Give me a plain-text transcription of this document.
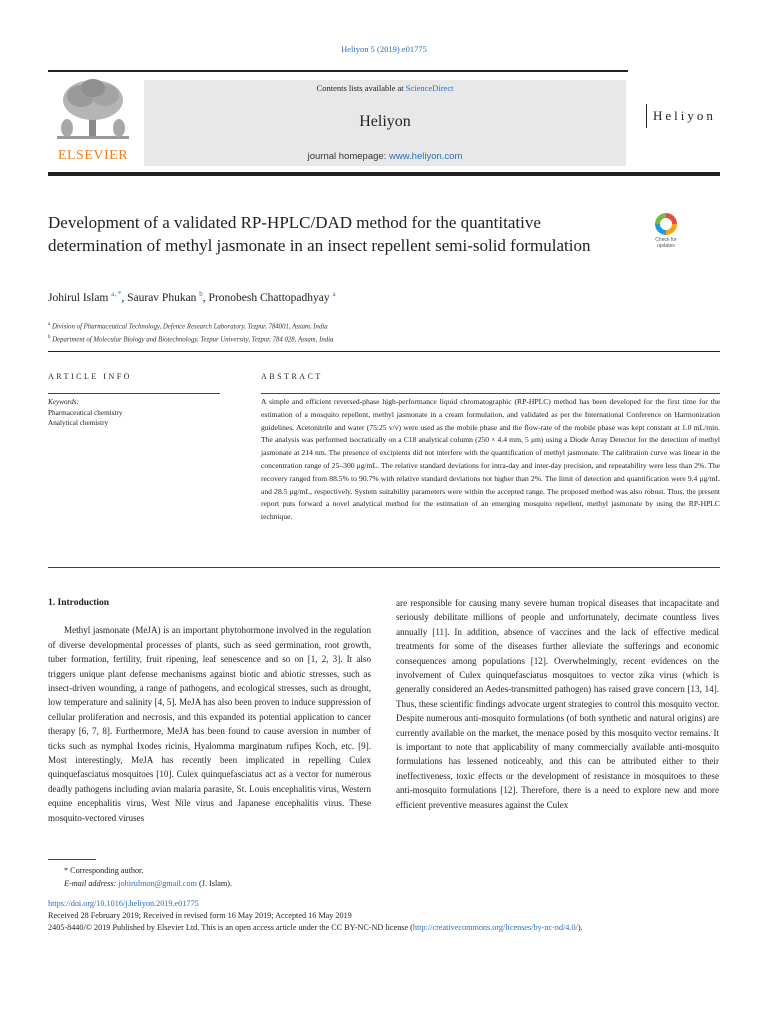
Heliyon 5 (2019) e01775
ELSEVIER
Contents lists available at ScienceDirect
Heliyon
journal homepage: www.heliyon.com
Heliyon
Development of a validated RP-HPLC/DAD method for the quantitative determination of methyl jasmonate in an insect repellent semi-solid formulation	Check for updates
Johirul Islam $^{a, *}$, Saurav Phukan $^b$, Pronobesh Chattopadhyay $^a$
$^a$ Division of Pharmaceutical Technology, Defence Research Laboratory, Tezpur, 784001, Assam, India
$^b$ Department of Molecular Biology and Biotechnology, Tezpur University, Tezpur, 784 028, Assam, India
ARTICLE INFO	ABSTRACT
Keywords:
Pharmaceutical chemistry
Analytical chemistry
A simple and efficient reversed-phase high-performance liquid chromatographic (RP-HPLC) method has been developed for the first time for the estimation of a mosquito repellent, methyl jasmonate in a cream formulation, and validated as per the International Conference on Harmonization guidelines. Acetonitrile and water (75:25 v/v) were used as the mobile phase and the flow-rate of the mobile phase was kept constant at 1.0 mL/min. The analysis was performed isocratically on a C18 analytical column (250 × 4.4 mm, 5 μm) using a Diode Array Detector for the detection of methyl jasmonate at 214 nm. The presence of excipients did not interfere with the quantification of methyl jasmonate. The calibration curve was linear in the concentration range of 25–300 μg/mL. The relative standard deviations for intra-day and inter-day precision, and repeatability were less than 2%. The recovery ranged from 88.5% to 90.7% with relative standard deviations not higher than 2%. The limit of detection and quantification were 9.4 μg/mL and 28.5 μg/mL, respectively. System suitability parameters were within the accepted range. The proposed method was also robust. Thus, the present report puts forward a novel analytical method for the estimation of an emerging mosquito repellent, methyl jasmonate by using the RP-HPLC technique.
1. Introduction

Methyl jasmonate (MeJA) is an important phytohormone involved in the regulation of diverse developmental processes of plants, such as seed germination, root growth, tuber formation, fertility, fruit ripening, leaf senescence and so on [1, 2, 3]. It also triggers unique plant defense mechanisms against biotic and abiotic stresses, such as insect-driven wounding, a range of pathogens, and ecological stresses, such as drought, low temperature and salinity [4, 5]. MeJA has also been proven to induce suppression of cellular proliferation and necrosis, and this expanded its potential application to cancer therapy [6, 7, 8]. Furthermore, MeJA has been found to cause aversion in number of ticks such as nymphal Ixodes ricinis, Hyalomma marginatum rufipes Koch, etc. [9]. Most interestingly, MeJA has recently been implicated in repelling Culex quinquefasciatus mosquitoes [10]. Culex quinquefasciatus act as a vector for numerous deadly pathogens including avian malaria parasite, St. Louis encephalitis virus, Western equine encephalitis virus, West Nile virus and Japanese encephalitis virus. These mosquito-vectored viruses

are responsible for causing many severe human tropical diseases that incapacitate and seriously debilitate millions of people and unfortunately, decimate countless lives annually [11]. In addition, absence of vaccines and the lack of effective medical treatments for some of the diseases further alleviate the sufferings and economic consequences among populations [12]. Overwhelmingly, recent evidences on the involvement of Culex quinquefasciatus mosquitoes to vector zika virus (which is generally considered an Aedes-transmitted pathogen) has raised grave concern [13, 14]. Thus, these scientific findings advocate urgent strategies to control this mosquito vector. Despite numerous anti-mosquito formulations (of both synthetic and natural origins) are currently available on the market, the menace posed by this mosquito vector remains. It is important to note that applicability of many commercially available anti-mosquito formulations has lessened noticeably, and this can be attributed either to their ineffectiveness, toxic effects or the development of resistance in mosquitoes to these anti-mosquito formulations [12]. Therefore, there is a need to explore new and more efficient preventive measures against the Culex

* Corresponding author.
E-mail address: johirulmon@gmail.com (J. Islam).
https://doi.org/10.1016/j.heliyon.2019.e01775
Received 28 February 2019; Received in revised form 16 May 2019; Accepted 16 May 2019
2405-8440/© 2019 Published by Elsevier Ltd. This is an open access article under the CC BY-NC-ND license (http://creativecommons.org/licenses/by-nc-nd/4.0/).
